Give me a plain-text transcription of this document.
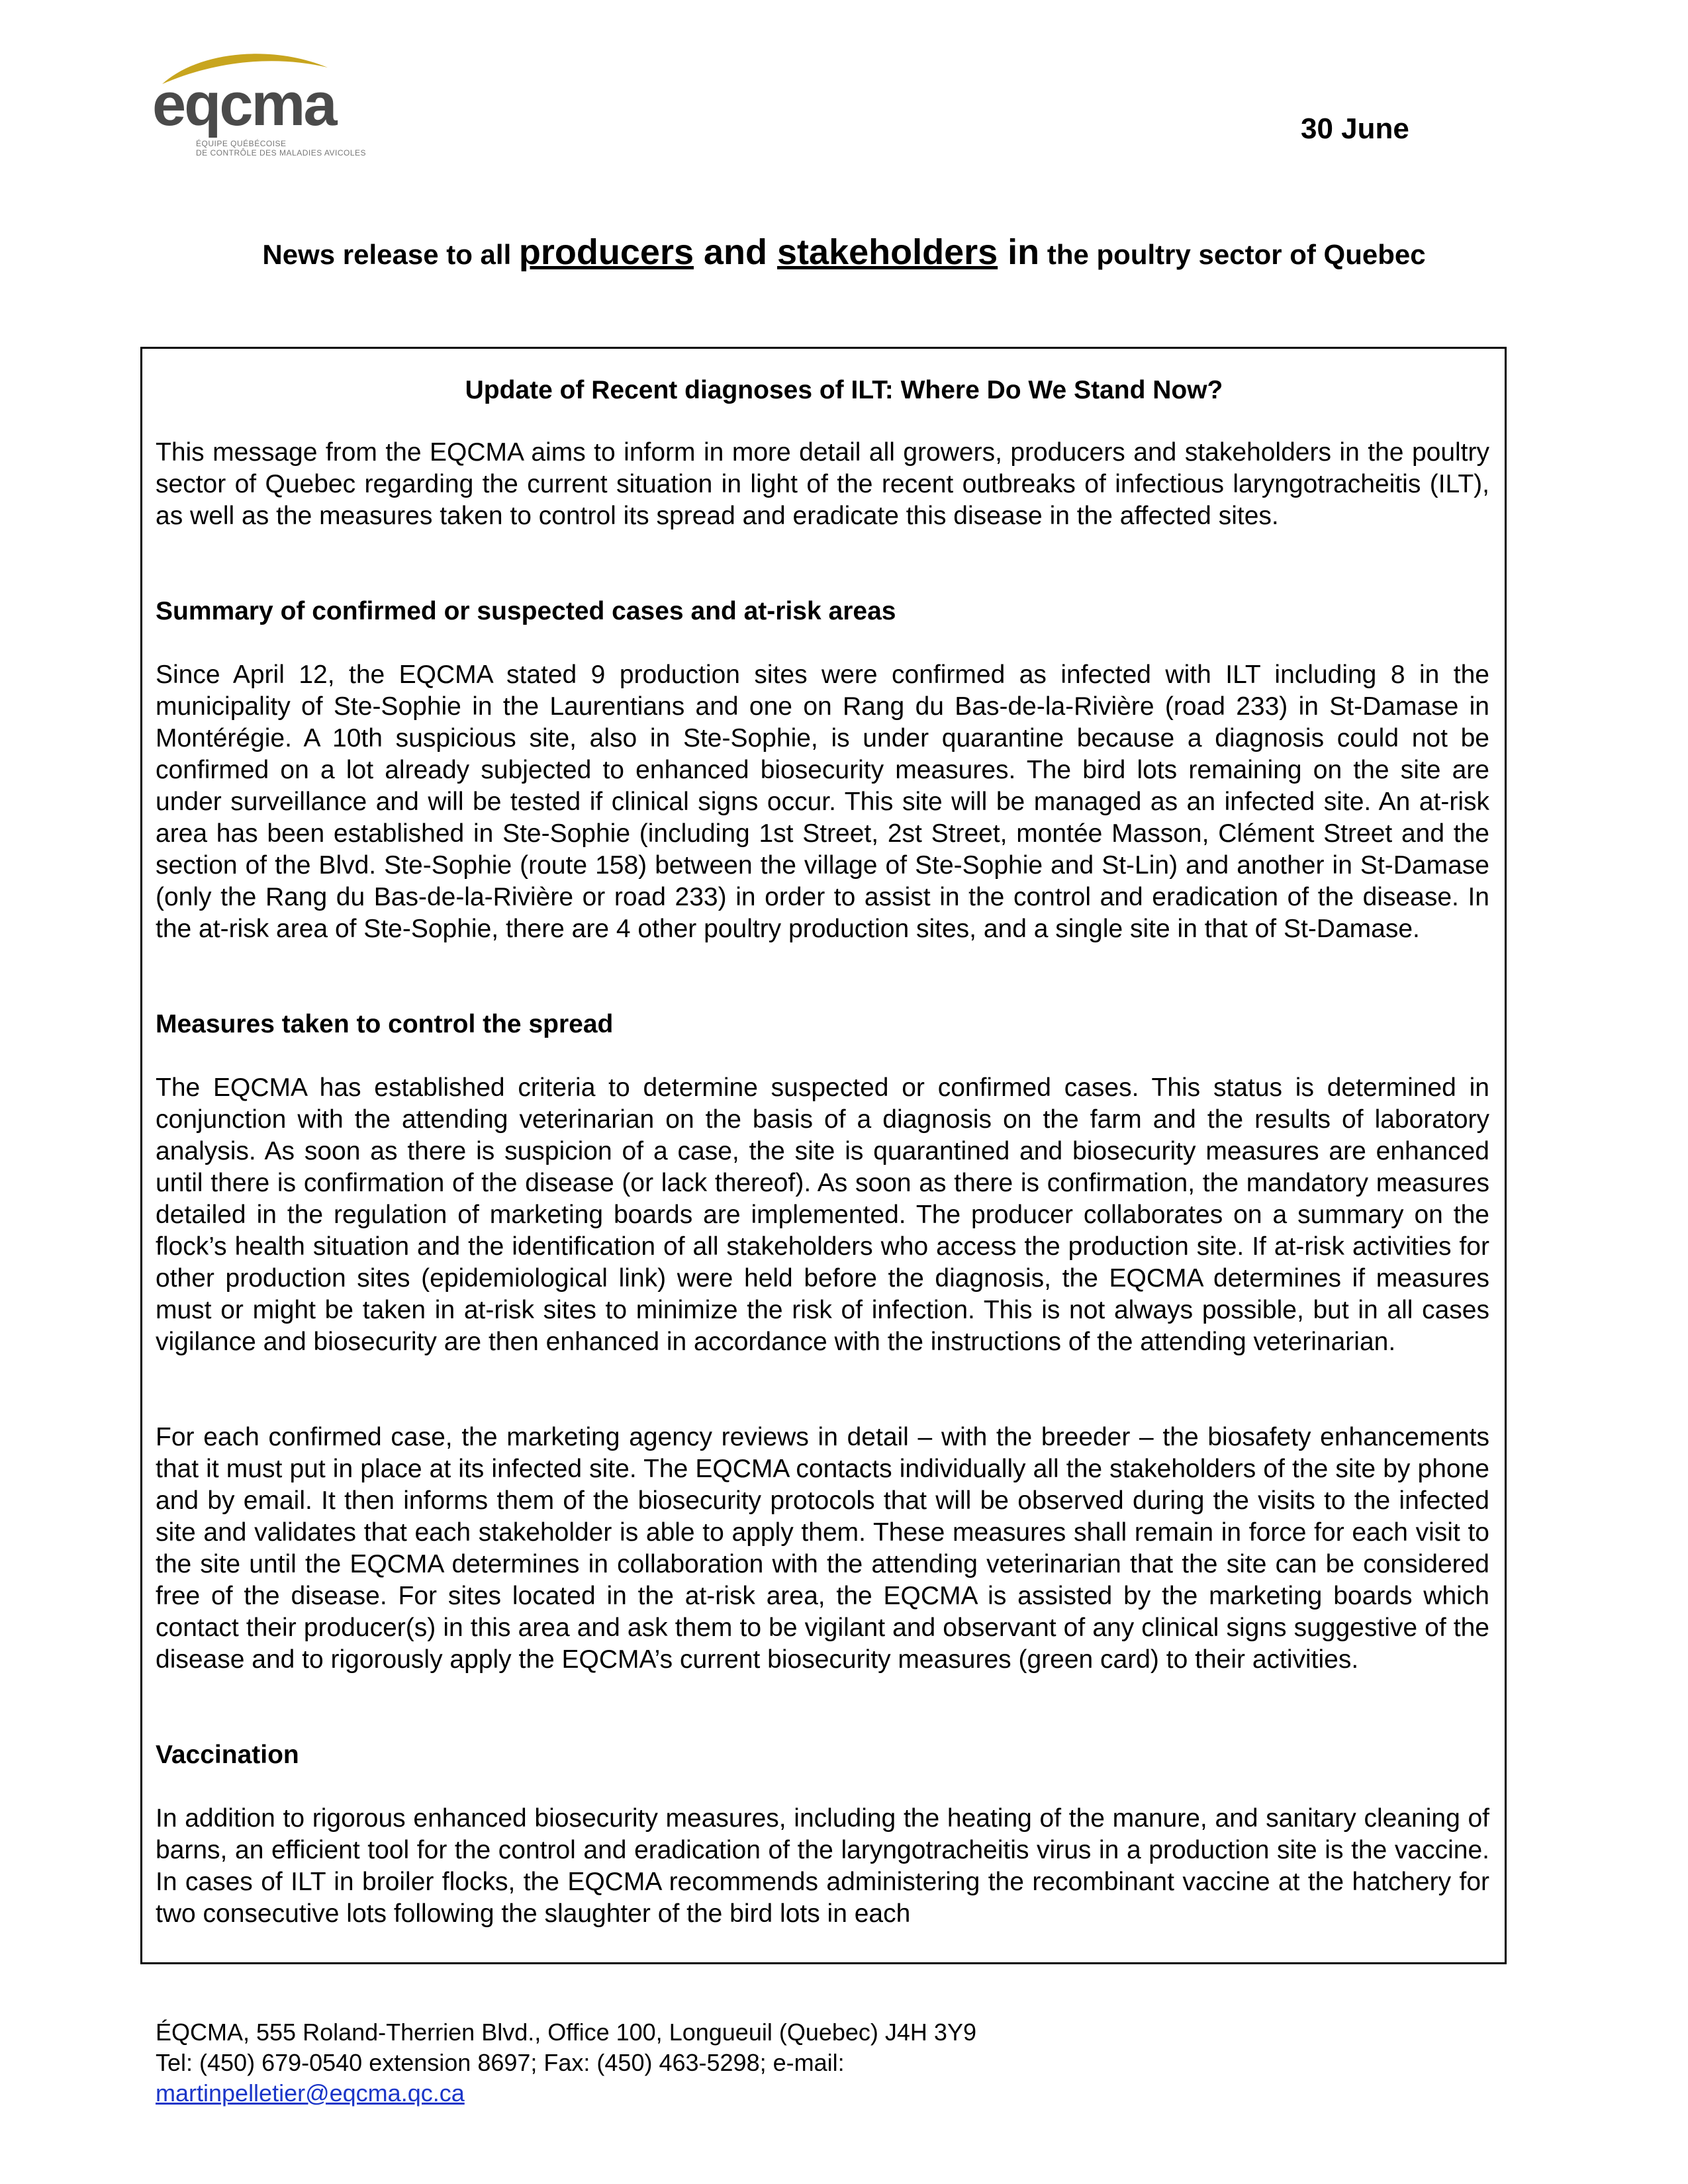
eqcma
ÉQUIPE QUÉBÉCOISE
DE CONTRÔLE DES MALADIES AVICOLES
30 June
News release to all producers and stakeholders in the poultry sector of Quebec
Update of Recent diagnoses of ILT: Where Do We Stand Now?
This message from the EQCMA aims to inform in more detail all growers, producers and stakeholders in the poultry sector of Quebec regarding the current situation in light of the recent outbreaks of infectious laryngotracheitis (ILT), as well as the measures taken to control its spread and eradicate this disease in the affected sites.
Summary of confirmed or suspected cases and at-risk areas
Since April 12, the EQCMA stated 9 production sites were confirmed as infected with ILT including 8 in the municipality of Ste-Sophie in the Laurentians and one on Rang du Bas-de-la-Rivière (road 233) in St-Damase in Montérégie. A 10th suspicious site, also in Ste-Sophie, is under quarantine because a diagnosis could not be confirmed on a lot already subjected to enhanced biosecurity measures. The bird lots remaining on the site are under surveillance and will be tested if clinical signs occur. This site will be managed as an infected site. An at-risk area has been established in Ste-Sophie (including 1st Street, 2st Street, montée Masson, Clément Street and the section of the Blvd. Ste-Sophie (route 158) between the village of Ste-Sophie and St-Lin) and another in St-Damase (only the Rang du Bas-de-la-Rivière or road 233) in order to assist in the control and eradication of the disease. In the at-risk area of Ste-Sophie, there are 4 other poultry production sites, and a single site in that of St-Damase.
Measures taken to control the spread
The EQCMA has established criteria to determine suspected or confirmed cases. This status is determined in conjunction with the attending veterinarian on the basis of a diagnosis on the farm and the results of laboratory analysis. As soon as there is suspicion of a case, the site is quarantined and biosecurity measures are enhanced until there is confirmation of the disease (or lack thereof). As soon as there is confirmation, the mandatory measures detailed in the regulation of marketing boards are implemented. The producer collaborates on a summary on the flock’s health situation and the identification of all stakeholders who access the production site. If at-risk activities for other production sites (epidemiological link) were held before the diagnosis, the EQCMA determines if measures must or might be taken in at-risk sites to minimize the risk of infection. This is not always possible, but in all cases vigilance and biosecurity are then enhanced in accordance with the instructions of the attending veterinarian.
For each confirmed case, the marketing agency reviews in detail – with the breeder – the biosafety enhancements that it must put in place at its infected site. The EQCMA contacts individually all the stakeholders of the site by phone and by email. It then informs them of the biosecurity protocols that will be observed during the visits to the infected site and validates that each stakeholder is able to apply them. These measures shall remain in force for each visit to the site until the EQCMA determines in collaboration with the attending veterinarian that the site can be considered free of the disease. For sites located in the at-risk area, the EQCMA is assisted by the marketing boards which contact their producer(s) in this area and ask them to be vigilant and observant of any clinical signs suggestive of the disease and to rigorously apply the EQCMA’s current biosecurity measures (green card) to their activities.
Vaccination
In addition to rigorous enhanced biosecurity measures, including the heating of the manure, and sanitary cleaning of barns, an efficient tool for the control and eradication of the laryngotracheitis virus in a production site is the vaccine. In cases of ILT in broiler flocks, the EQCMA recommends administering the recombinant vaccine at the hatchery for two consecutive lots following the slaughter of the bird lots in each
ÉQCMA, 555 Roland-Therrien Blvd., Office 100, Longueuil (Quebec) J4H 3Y9
Tel: (450) 679-0540 extension 8697; Fax: (450) 463-5298; e-mail:
martinpelletier@eqcma.qc.ca
